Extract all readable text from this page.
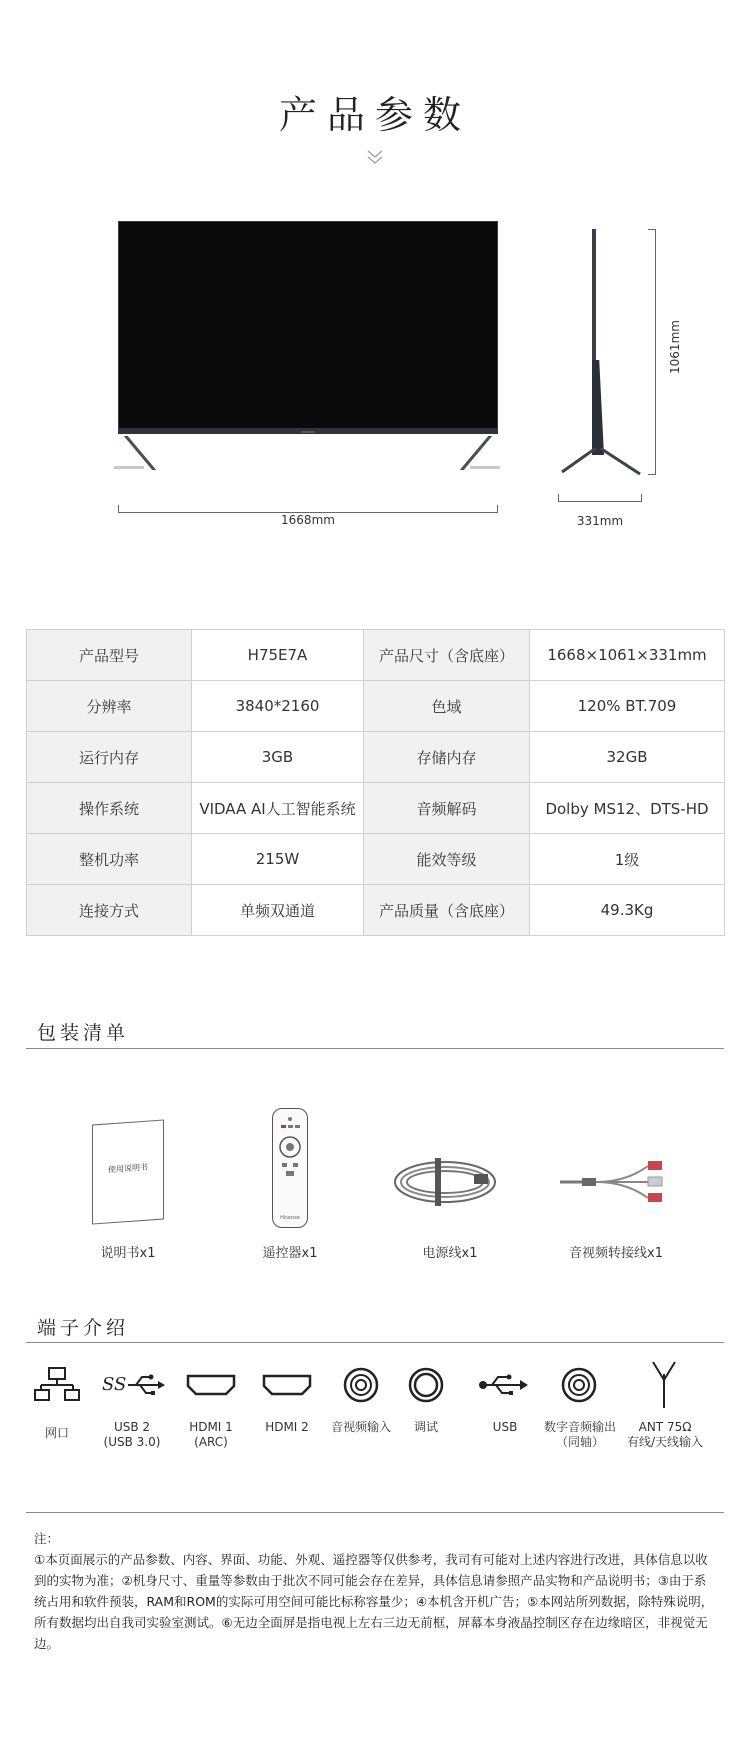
产品参数
1668mm	331mm
1061mm
产品型号	H75E7A	产品尺寸（含底座）	1668×1061×331mm
分辨率	3840*2160	色域	120% BT.709
运行内存	3GB	存储内存	32GB
操作系统	VIDAA AI人工智能系统	音频解码	Dolby MS12、DTS-HD
整机功率	215W	能效等级	1级
连接方式	单频双通道	产品质量（含底座）	49.3Kg
包装清单
使用说明书
说明书x1
Hisense
遥控器x1	电源线x1	音视频转接线x1
端子介绍
网口
SS
USB 2
(USB 3.0)
HDMI 1
(ARC)
HDMI 2	音视频输入	调试	USB	数字音频输出
（同轴）
ANT 75Ω
有线/天线输入
注：
①本页面展示的产品参数、内容、界面、功能、外观、遥控器等仅供参考，我司有可能对上述内容进行改进，具体信息以收到的实物为准；②机身尺寸、重量等参数由于批次不同可能会存在差异，具体信息请参照产品实物和产品说明书；③由于系统占用和软件预装，RAM和ROM的实际可用空间可能比标称容量少；④本机含开机广告；⑤本网站所列数据，除特殊说明，所有数据均出自我司实验室测试。⑥无边全面屏是指电视上左右三边无前框，屏幕本身液晶控制区存在边缘暗区，非视觉无边。
